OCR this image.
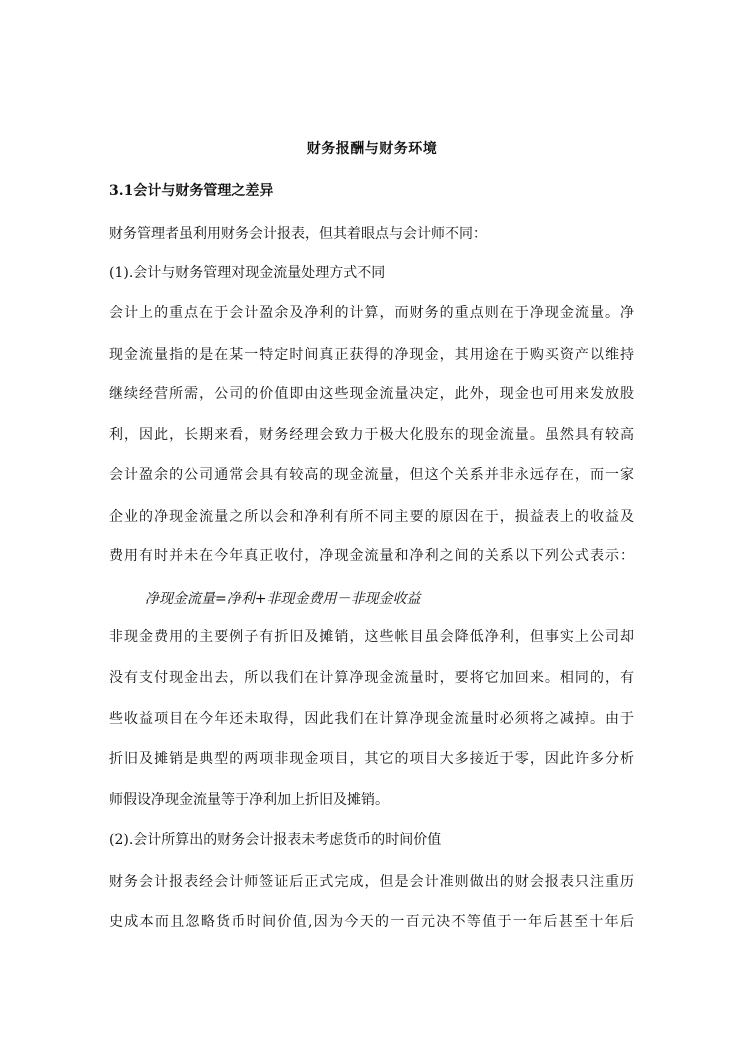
财务报酬与财务环境
3.1会计与财务管理之差异
财务管理者虽利用财务会计报表，但其着眼点与会计师不同：
(1).会计与财务管理对现金流量处理方式不同
会计上的重点在于会计盈余及净利的计算，而财务的重点则在于净现金流量。净
现金流量指的是在某一特定时间真正获得的净现金，其用途在于购买资产以维持
继续经营所需，公司的价值即由这些现金流量决定，此外，现金也可用来发放股
利，因此，长期来看，财务经理会致力于极大化股东的现金流量。虽然具有较高
会计盈余的公司通常会具有较高的现金流量，但这个关系并非永远存在，而一家
企业的净现金流量之所以会和净利有所不同主要的原因在于，损益表上的收益及
费用有时并未在今年真正收付，净现金流量和净利之间的关系以下列公式表示：
净现金流量=净利+非现金费用－非现金收益
非现金费用的主要例子有折旧及摊销，这些帐目虽会降低净利，但事实上公司却
没有支付现金出去，所以我们在计算净现金流量时，要将它加回来。相同的，有
些收益项目在今年还未取得，因此我们在计算净现金流量时必须将之减掉。由于
折旧及摊销是典型的两项非现金项目，其它的项目大多接近于零，因此许多分析
师假设净现金流量等于净利加上折旧及摊销。
(2).会计所算出的财务会计报表未考虑货币的时间价值
财务会计报表经会计师签证后正式完成，但是会计准则做出的财会报表只注重历
史成本而且忽略货币时间价值,因为今天的一百元决不等值于一年后甚至十年后
